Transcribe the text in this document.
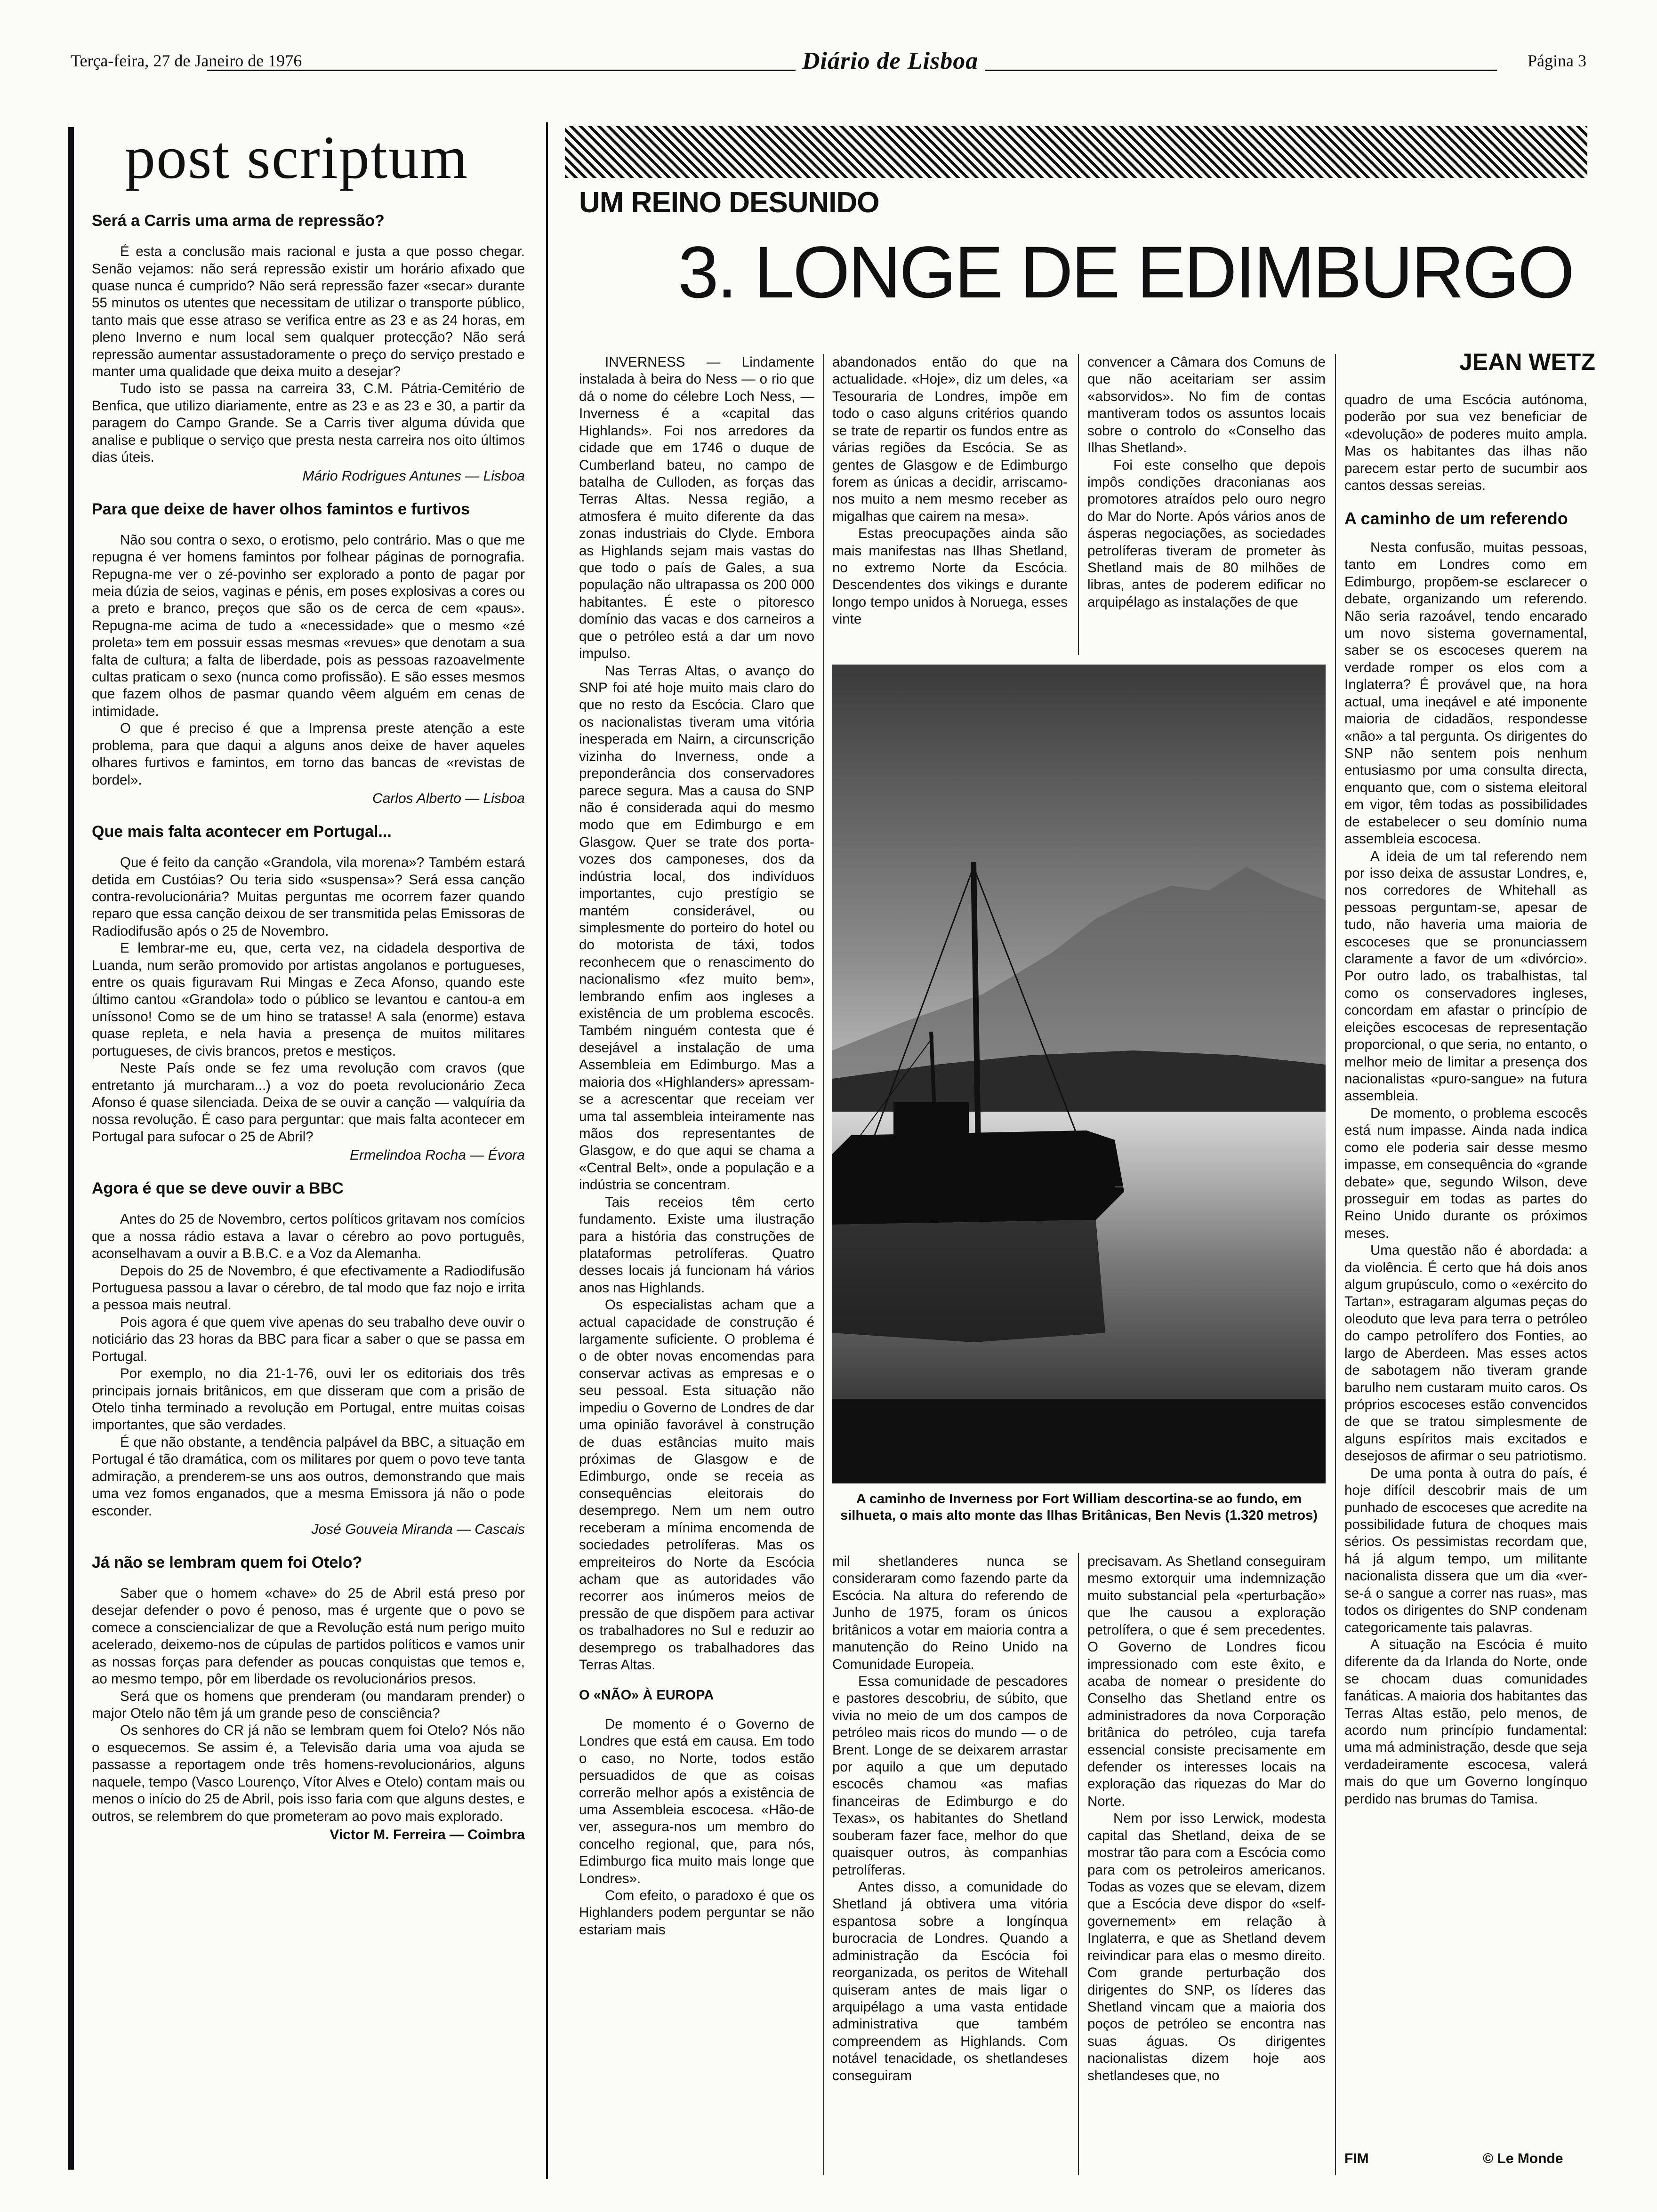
Terça-feira, 27 de Janeiro de 1976	Diário de Lisboa	Página 3
post scriptum
Será a Carris uma arma de repressão?

É esta a conclusão mais racional e justa a que posso chegar. Senão vejamos: não será repressão existir um horário afixado que quase nunca é cumprido? Não será repressão fazer «secar» durante 55 minutos os utentes que necessitam de utilizar o transporte público, tanto mais que esse atraso se verifica entre as 23 e as 24 horas, em pleno Inverno e num local sem qualquer protecção? Não será repressão aumentar assustadoramente o preço do serviço prestado e manter uma qualidade que deixa muito a desejar?

Tudo isto se passa na carreira 33, C.M. Pátria-Cemitério de Benfica, que utilizo diariamente, entre as 23 e as 23 e 30, a partir da paragem do Campo Grande. Se a Carris tiver alguma dúvida que analise e publique o serviço que presta nesta carreira nos oito últimos dias úteis.

Mário Rodrigues Antunes — Lisboa
Para que deixe de haver olhos famintos e furtivos

Não sou contra o sexo, o erotismo, pelo contrário. Mas o que me repugna é ver homens famintos por folhear páginas de pornografia. Repugna-me ver o zé-povinho ser explorado a ponto de pagar por meia dúzia de seios, vaginas e pénis, em poses explosivas a cores ou a preto e branco, preços que são os de cerca de cem «paus». Repugna-me acima de tudo a «necessidade» que o mesmo «zé proleta» tem em possuir essas mesmas «revues» que denotam a sua falta de cultura; a falta de liberdade, pois as pessoas razoavelmente cultas praticam o sexo (nunca como profissão). E são esses mesmos que fazem olhos de pasmar quando vêem alguém em cenas de intimidade.

O que é preciso é que a Imprensa preste atenção a este problema, para que daqui a alguns anos deixe de haver aqueles olhares furtivos e famintos, em torno das bancas de «revistas de bordel».

Carlos Alberto — Lisboa
Que mais falta acontecer em Portugal...

Que é feito da canção «Grandola, vila morena»? Também estará detida em Custóias? Ou teria sido «suspensa»? Será essa canção contra-revolucionária? Muitas perguntas me ocorrem fazer quando reparo que essa canção deixou de ser transmitida pelas Emissoras de Radiodifusão após o 25 de Novembro.

E lembrar-me eu, que, certa vez, na cidadela desportiva de Luanda, num serão promovido por artistas angolanos e portugueses, entre os quais figuravam Rui Mingas e Zeca Afonso, quando este último cantou «Grandola» todo o público se levantou e cantou-a em uníssono! Como se de um hino se tratasse! A sala (enorme) estava quase repleta, e nela havia a presença de muitos militares portugueses, de civis brancos, pretos e mestiços.

Neste País onde se fez uma revolução com cravos (que entretanto já murcharam...) a voz do poeta revolucionário Zeca Afonso é quase silenciada. Deixa de se ouvir a canção — valquíria da nossa revolução. É caso para perguntar: que mais falta acontecer em Portugal para sufocar o 25 de Abril?

Ermelindoa Rocha — Évora
Agora é que se deve ouvir a BBC

Antes do 25 de Novembro, certos políticos gritavam nos comícios que a nossa rádio estava a lavar o cérebro ao povo português, aconselhavam a ouvir a B.B.C. e a Voz da Alemanha.

Depois do 25 de Novembro, é que efectivamente a Radiodifusão Portuguesa passou a lavar o cérebro, de tal modo que faz nojo e irrita a pessoa mais neutral.

Pois agora é que quem vive apenas do seu trabalho deve ouvir o noticiário das 23 horas da BBC para ficar a saber o que se passa em Portugal.

Por exemplo, no dia 21-1-76, ouvi ler os editoriais dos três principais jornais britânicos, em que disseram que com a prisão de Otelo tinha terminado a revolução em Portugal, entre muitas coisas importantes, que são verdades.

É que não obstante, a tendência palpável da BBC, a situação em Portugal é tão dramática, com os militares por quem o povo teve tanta admiração, a prenderem-se uns aos outros, demonstrando que mais uma vez fomos enganados, que a mesma Emissora já não o pode esconder.

José Gouveia Miranda — Cascais
Já não se lembram quem foi Otelo?

Saber que o homem «chave» do 25 de Abril está preso por desejar defender o povo é penoso, mas é urgente que o povo se comece a consciencializar de que a Revolução está num perigo muito acelerado, deixemo-nos de cúpulas de partidos políticos e vamos unir as nossas forças para defender as poucas conquistas que temos e, ao mesmo tempo, pôr em liberdade os revolucionários presos.

Será que os homens que prenderam (ou mandaram prender) o major Otelo não têm já um grande peso de consciência?

Os senhores do CR já não se lembram quem foi Otelo? Nós não o esquecemos. Se assim é, a Televisão daria uma voa ajuda se passasse a reportagem onde três homens-revolucionários, alguns naquele, tempo (Vasco Lourenço, Vítor Alves e Otelo) contam mais ou menos o início do 25 de Abril, pois isso faria com que alguns destes, e outros, se relembrem do que prometeram ao povo mais explorado.

Victor M. Ferreira — Coimbra
UM REINO DESUNIDO
3. LONGE DE EDIMBURGO
JEAN WETZ

INVERNESS — Lindamente instalada à beira do Ness — o rio que dá o nome do célebre Loch Ness, — Inverness é a «capital das Highlands». Foi nos arredores da cidade que em 1746 o duque de Cumberland bateu, no campo de batalha de Culloden, as forças das Terras Altas. Nessa região, a atmosfera é muito diferente da das zonas industriais do Clyde. Embora as Highlands sejam mais vastas do que todo o país de Gales, a sua população não ultrapassa os 200 000 habitantes. É este o pitoresco domínio das vacas e dos carneiros a que o petróleo está a dar um novo impulso.

Nas Terras Altas, o avanço do SNP foi até hoje muito mais claro do que no resto da Escócia. Claro que os nacionalistas tiveram uma vitória inesperada em Nairn, a circunscrição vizinha do Inverness, onde a preponderância dos conservadores parece segura. Mas a causa do SNP não é considerada aqui do mesmo modo que em Edimburgo e em Glasgow. Quer se trate dos porta-vozes dos camponeses, dos da indústria local, dos indivíduos importantes, cujo prestígio se mantém considerável, ou simplesmente do porteiro do hotel ou do motorista de táxi, todos reconhecem que o renascimento do nacionalismo «fez muito bem», lembrando enfim aos ingleses a existência de um problema escocês. Também ninguém contesta que é desejável a instalação de uma Assembleia em Edimburgo. Mas a maioria dos «Highlanders» apressam-se a acrescentar que receiam ver uma tal assembleia inteiramente nas mãos dos representantes de Glasgow, e do que aqui se chama a «Central Belt», onde a população e a indústria se concentram.

Tais receios têm certo fundamento. Existe uma ilustração para a história das construções de plataformas petrolíferas. Quatro desses locais já funcionam há vários anos nas Highlands.

Os especialistas acham que a actual capacidade de construção é largamente suficiente. O problema é o de obter novas encomendas para conservar activas as empresas e o seu pessoal. Esta situação não impediu o Governo de Londres de dar uma opinião favorável à construção de duas estâncias muito mais próximas de Glasgow e de Edimburgo, onde se receia as consequências eleitorais do desemprego. Nem um nem outro receberam a mínima encomenda de sociedades petrolíferas. Mas os empreiteiros do Norte da Escócia acham que as autoridades vão recorrer aos inúmeros meios de pressão de que dispõem para activar os trabalhadores no Sul e reduzir ao desemprego os trabalhadores das Terras Altas.

O «NÃO» À EUROPA

De momento é o Governo de Londres que está em causa. Em todo o caso, no Norte, todos estão persuadidos de que as coisas correrão melhor após a existência de uma Assembleia escocesa. «Hão-de ver, assegura-nos um membro do concelho regional, que, para nós, Edimburgo fica muito mais longe que Londres».

Com efeito, o paradoxo é que os Highlanders podem perguntar se não estariam mais

abandonados então do que na actualidade. «Hoje», diz um deles, «a Tesouraria de Londres, impõe em todo o caso alguns critérios quando se trate de repartir os fundos entre as várias regiões da Escócia. Se as gentes de Glasgow e de Edimburgo forem as únicas a decidir, arriscamo-nos muito a nem mesmo receber as migalhas que cairem na mesa».

Estas preocupações ainda são mais manifestas nas Ilhas Shetland, no extremo Norte da Escócia. Descendentes dos vikings e durante longo tempo unidos à Noruega, esses vinte

convencer a Câmara dos Comuns de que não aceitariam ser assim «absorvidos». No fim de contas mantiveram todos os assuntos locais sobre o controlo do «Conselho das Ilhas Shetland».

Foi este conselho que depois impôs condições draconianas aos promotores atraídos pelo ouro negro do Mar do Norte. Após vários anos de ásperas negociações, as sociedades petrolíferas tiveram de prometer às Shetland mais de 80 milhões de libras, antes de poderem edificar no arquipélago as instalações de que

A caminho de Inverness por Fort William descortina-se ao fundo, em silhueta, o mais alto monte das Ilhas Britânicas, Ben Nevis (1.320 metros)

mil shetlanderes nunca se consideraram como fazendo parte da Escócia. Na altura do referendo de Junho de 1975, foram os únicos britânicos a votar em maioria contra a manutenção do Reino Unido na Comunidade Europeia.

Essa comunidade de pescadores e pastores descobriu, de súbito, que vivia no meio de um dos campos de petróleo mais ricos do mundo — o de Brent. Longe de se deixarem arrastar por aquilo a que um deputado escocês chamou «as mafias financeiras de Edimburgo e do Texas», os habitantes do Shetland souberam fazer face, melhor do que quaisquer outros, às companhias petrolíferas.

Antes disso, a comunidade do Shetland já obtivera uma vitória espantosa sobre a longínqua burocracia de Londres. Quando a administração da Escócia foi reorganizada, os peritos de Witehall quiseram antes de mais ligar o arquipélago a uma vasta entidade administrativa que também compreendem as Highlands. Com notável tenacidade, os shetlandeses conseguiram

precisavam. As Shetland conseguiram mesmo extorquir uma indemnização muito substancial pela «perturbação» que lhe causou a exploração petrolífera, o que é sem precedentes. O Governo de Londres ficou impressionado com este êxito, e acaba de nomear o presidente do Conselho das Shetland entre os administradores da nova Corporação britânica do petróleo, cuja tarefa essencial consiste precisamente em defender os interesses locais na exploração das riquezas do Mar do Norte.

Nem por isso Lerwick, modesta capital das Shetland, deixa de se mostrar tão para com a Escócia como para com os petroleiros americanos. Todas as vozes que se elevam, dizem que a Escócia deve dispor do «self-governement» em relação à Inglaterra, e que as Shetland devem reivindicar para elas o mesmo direito. Com grande perturbação dos dirigentes do SNP, os líderes das Shetland vincam que a maioria dos poços de petróleo se encontra nas suas águas. Os dirigentes nacionalistas dizem hoje aos shetlandeses que, no

quadro de uma Escócia autónoma, poderão por sua vez beneficiar de «devolução» de poderes muito ampla. Mas os habitantes das ilhas não parecem estar perto de sucumbir aos cantos dessas sereias.

A caminho de um referendo

Nesta confusão, muitas pessoas, tanto em Londres como em Edimburgo, propõem-se esclarecer o debate, organizando um referendo. Não seria razoável, tendo encarado um novo sistema governamental, saber se os escoceses querem na verdade romper os elos com a Inglaterra? É provável que, na hora actual, uma ineqável e até imponente maioria de cidadãos, respondesse «não» a tal pergunta. Os dirigentes do SNP não sentem pois nenhum entusiasmo por uma consulta directa, enquanto que, com o sistema eleitoral em vigor, têm todas as possibilidades de estabelecer o seu domínio numa assembleia escocesa.

A ideia de um tal referendo nem por isso deixa de assustar Londres, e, nos corredores de Whitehall as pessoas perguntam-se, apesar de tudo, não haveria uma maioria de escoceses que se pronunciassem claramente a favor de um «divórcio». Por outro lado, os trabalhistas, tal como os conservadores ingleses, concordam em afastar o princípio de eleições escocesas de representação proporcional, o que seria, no entanto, o melhor meio de limitar a presença dos nacionalistas «puro-sangue» na futura assembleia.

De momento, o problema escocês está num impasse. Ainda nada indica como ele poderia sair desse mesmo impasse, em consequência do «grande debate» que, segundo Wilson, deve prosseguir em todas as partes do Reino Unido durante os próximos meses.

Uma questão não é abordada: a da violência. É certo que há dois anos algum grupúsculo, como o «exército do Tartan», estragaram algumas peças do oleoduto que leva para terra o petróleo do campo petrolífero dos Fonties, ao largo de Aberdeen. Mas esses actos de sabotagem não tiveram grande barulho nem custaram muito caros. Os próprios escoceses estão convencidos de que se tratou simplesmente de alguns espíritos mais excitados e desejosos de afirmar o seu patriotismo.

De uma ponta à outra do país, é hoje difícil descobrir mais de um punhado de escoceses que acredite na possibilidade futura de choques mais sérios. Os pessimistas recordam que, há já algum tempo, um militante nacionalista dissera que um dia «ver-se-á o sangue a correr nas ruas», mas todos os dirigentes do SNP condenam categoricamente tais palavras.

A situação na Escócia é muito diferente da da Irlanda do Norte, onde se chocam duas comunidades fanáticas. A maioria dos habitantes das Terras Altas estão, pelo menos, de acordo num princípio fundamental: uma má administração, desde que seja verdadeiramente escocesa, valerá mais do que um Governo longínquo perdido nas brumas do Tamisa.

FIM	© Le Monde
